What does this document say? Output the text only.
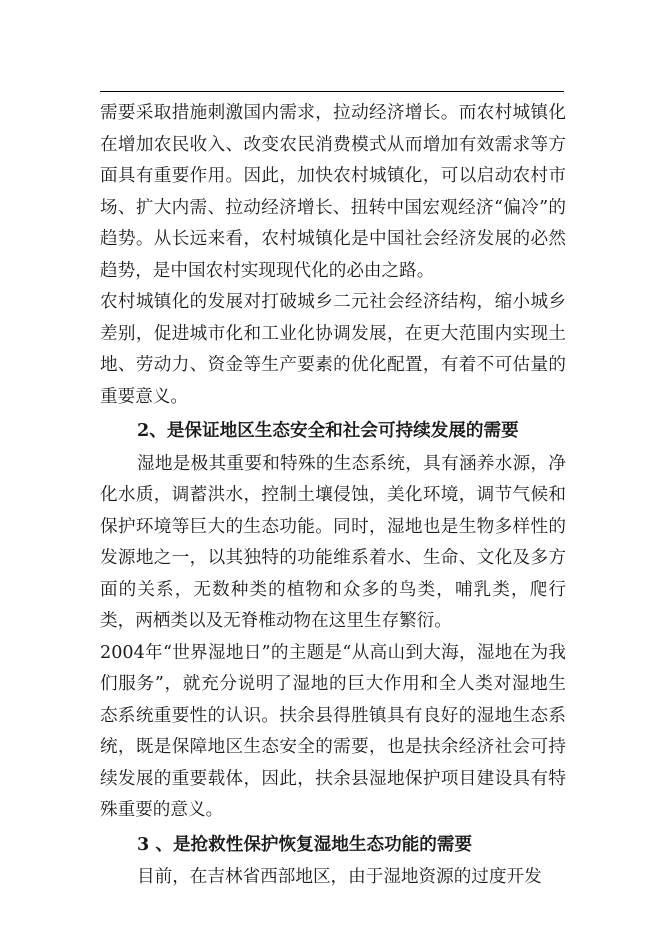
需要采取措施刺激国内需求，拉动经济增长。而农村城镇化在增加农民收入、改变农民消费模式从而增加有效需求等方面具有重要作用。因此，加快农村城镇化，可以启动农村市场、扩大内需、拉动经济增长、扭转中国宏观经济“偏冷”的趋势。从长远来看，农村城镇化是中国社会经济发展的必然趋势，是中国农村实现现代化的必由之路。

农村城镇化的发展对打破城乡二元社会经济结构，缩小城乡差别，促进城市化和工业化协调发展，在更大范围内实现土地、劳动力、资金等生产要素的优化配置，有着不可估量的重要意义。

2、是保证地区生态安全和社会可持续发展的需要

湿地是极其重要和特殊的生态系统，具有涵养水源，净化水质，调蓄洪水，控制土壤侵蚀，美化环境，调节气候和保护环境等巨大的生态功能。同时，湿地也是生物多样性的发源地之一，以其独特的功能维系着水、生命、文化及多方面的关系，无数种类的植物和众多的鸟类，哺乳类，爬行类，两栖类以及无脊椎动物在这里生存繁衍。

2004年“世界湿地日”的主题是“从高山到大海，湿地在为我们服务”，就充分说明了湿地的巨大作用和全人类对湿地生态系统重要性的认识。扶余县得胜镇具有良好的湿地生态系统，既是保障地区生态安全的需要，也是扶余经济社会可持续发展的重要载体，因此，扶余县湿地保护项目建设具有特殊重要的意义。

3 、是抢救性保护恢复湿地生态功能的需要

目前，在吉林省西部地区，由于湿地资源的过度开发
